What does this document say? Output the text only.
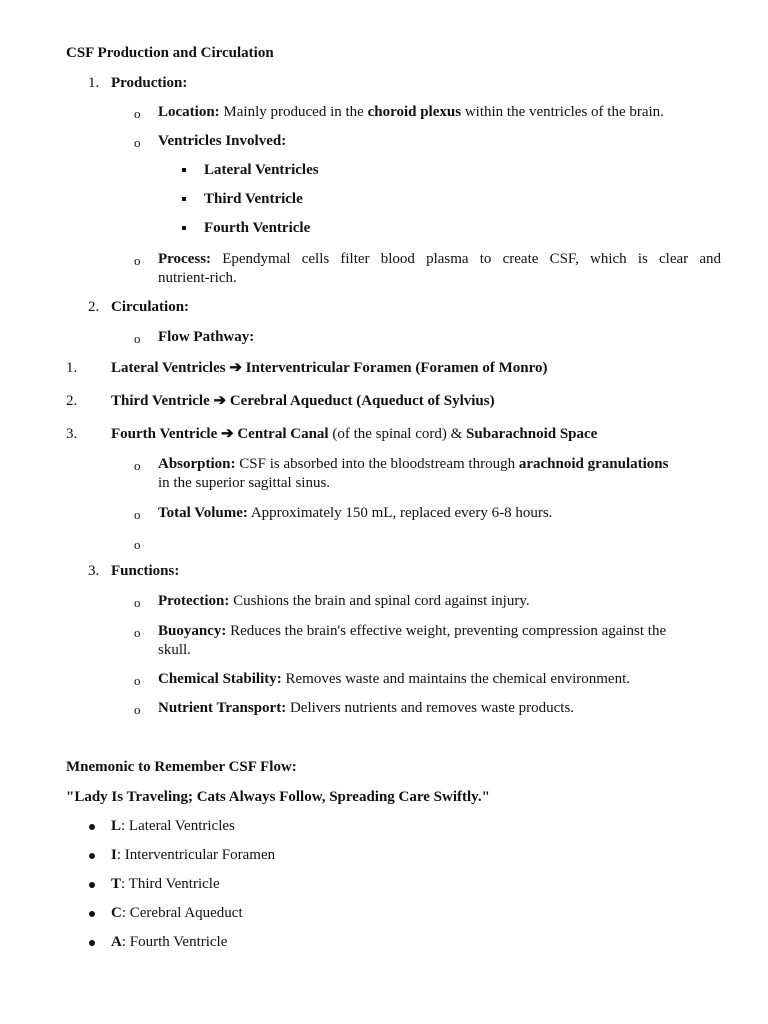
CSF Production and Circulation
1. Production:
o Location: Mainly produced in the choroid plexus within the ventricles of the brain.
o Ventricles Involved:
Lateral Ventricles
Third Ventricle
Fourth Ventricle
o Process: Ependymal cells filter blood plasma to create CSF, which is clear and
nutrient-rich.
2. Circulation:
o Flow Pathway:
1. Lateral Ventricles ➔ Interventricular Foramen (Foramen of Monro)
2. Third Ventricle ➔ Cerebral Aqueduct (Aqueduct of Sylvius)
3. Fourth Ventricle ➔ Central Canal (of the spinal cord) & Subarachnoid Space
o Absorption: CSF is absorbed into the bloodstream through arachnoid granulations
in the superior sagittal sinus.
o Total Volume: Approximately 150 mL, replaced every 6-8 hours.
o
3. Functions:
o Protection: Cushions the brain and spinal cord against injury.
o Buoyancy: Reduces the brain's effective weight, preventing compression against the
skull.
o Chemical Stability: Removes waste and maintains the chemical environment.
o Nutrient Transport: Delivers nutrients and removes waste products.
Mnemonic to Remember CSF Flow:
"Lady Is Traveling; Cats Always Follow, Spreading Care Swiftly."
L: Lateral Ventricles
I: Interventricular Foramen
T: Third Ventricle
C: Cerebral Aqueduct
A: Fourth Ventricle
